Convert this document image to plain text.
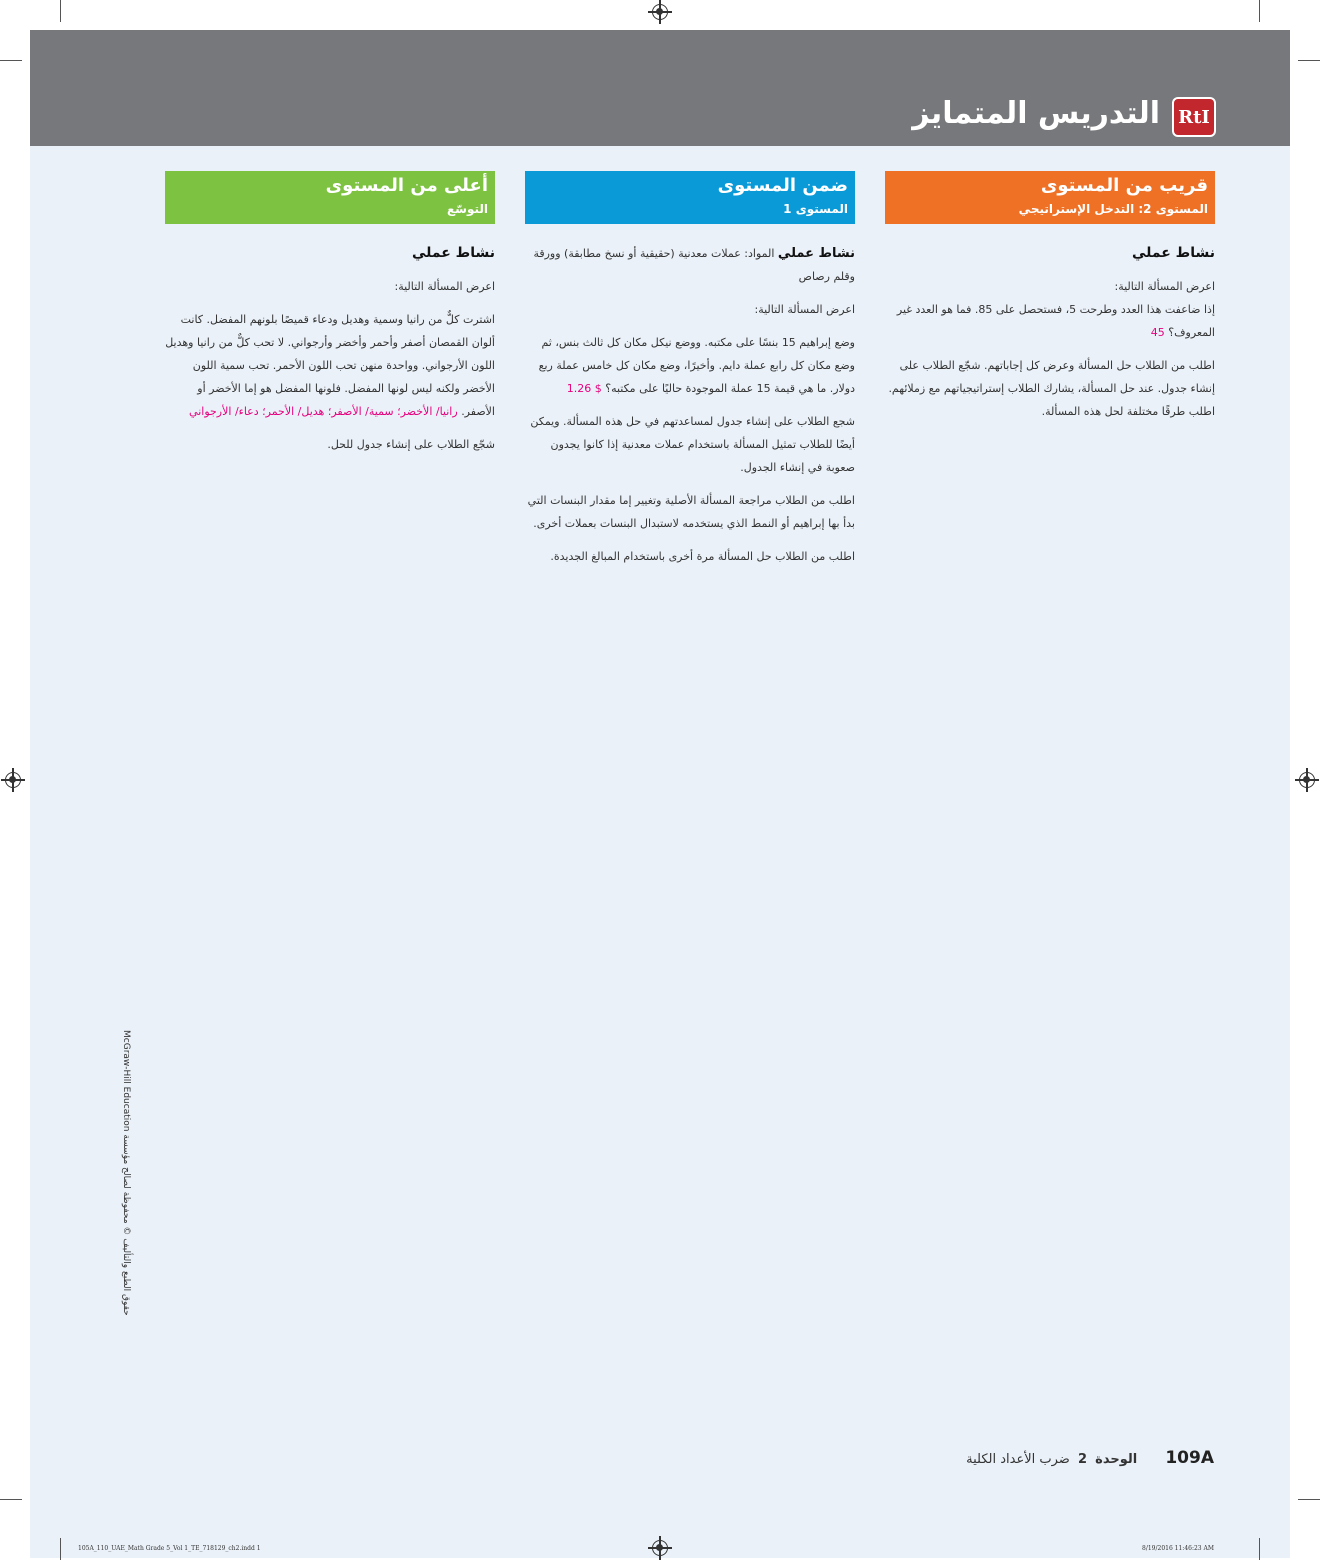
التدريس المتمايز	RtI
قريب من المستوى
المستوى 2: التدخل الإستراتيجي
نشاط عملي

اعرض المسألة التالية:

إذا ضاعفت هذا العدد وطرحت 5، فستحصل على 85. فما هو العدد غير المعروف؟ 45

اطلب من الطلاب حل المسألة وعرض كل إجاباتهم. شجّع الطلاب على إنشاء جدول. عند حل المسألة، يشارك الطلاب إستراتيجياتهم مع زملائهم. اطلب طرقًا مختلفة لحل هذه المسألة.

ضمن المستوى
المستوى 1

نشاط عملي المواد: عملات معدنية (حقيقية أو نسخ مطابقة) وورقة وقلم رصاص

اعرض المسألة التالية:

وضع إبراهيم 15 بنسًا على مكتبه. ووضع نيكل مكان كل ثالث بنس، ثم وضع مكان كل رابع عملة دايم. وأخيرًا، وضع مكان كل خامس عملة ربع دولار. ما هي قيمة 15 عملة الموجودة حاليًا على مكتبه؟ $ 1.26

شجع الطلاب على إنشاء جدول لمساعدتهم في حل هذه المسألة. ويمكن أيضًا للطلاب تمثيل المسألة باستخدام عملات معدنية إذا كانوا يجدون صعوبة في إنشاء الجدول.

اطلب من الطلاب مراجعة المسألة الأصلية وتغيير إما مقدار البنسات التي بدأ بها إبراهيم أو النمط الذي يستخدمه لاستبدال البنسات بعملات أخرى.

اطلب من الطلاب حل المسألة مرة أخرى باستخدام المبالغ الجديدة.

أعلى من المستوى
التوسّع
نشاط عملي

اعرض المسألة التالية:

اشترت كلٌّ من رانيا وسمية وهديل ودعاء قميصًا بلونهم المفضل. كانت ألوان القمصان أصفر وأحمر وأخضر وأرجواني. لا تحب كلٌّ من رانيا وهديل اللون الأرجواني. وواحدة منهن تحب اللون الأحمر. تحب سمية اللون الأخضر ولكنه ليس لونها المفضل. فلونها المفضل هو إما الأخضر أو الأصفر. رانيا/ الأخضر؛ سمية/ الأصفر؛ هديل/ الأحمر؛ دعاء/ الأرجواني

شجّع الطلاب على إنشاء جدول للحل.

حقوق الطبع والتأليف © محفوظة لصالح مؤسسة McGraw-Hill Education
109A الوحدة 2 ضرب الأعداد الكلية
105A_110_UAE_Math Grade 5_Vol 1_TE_718129_ch2.indd 1	8/19/2016 11:46:23 AM
